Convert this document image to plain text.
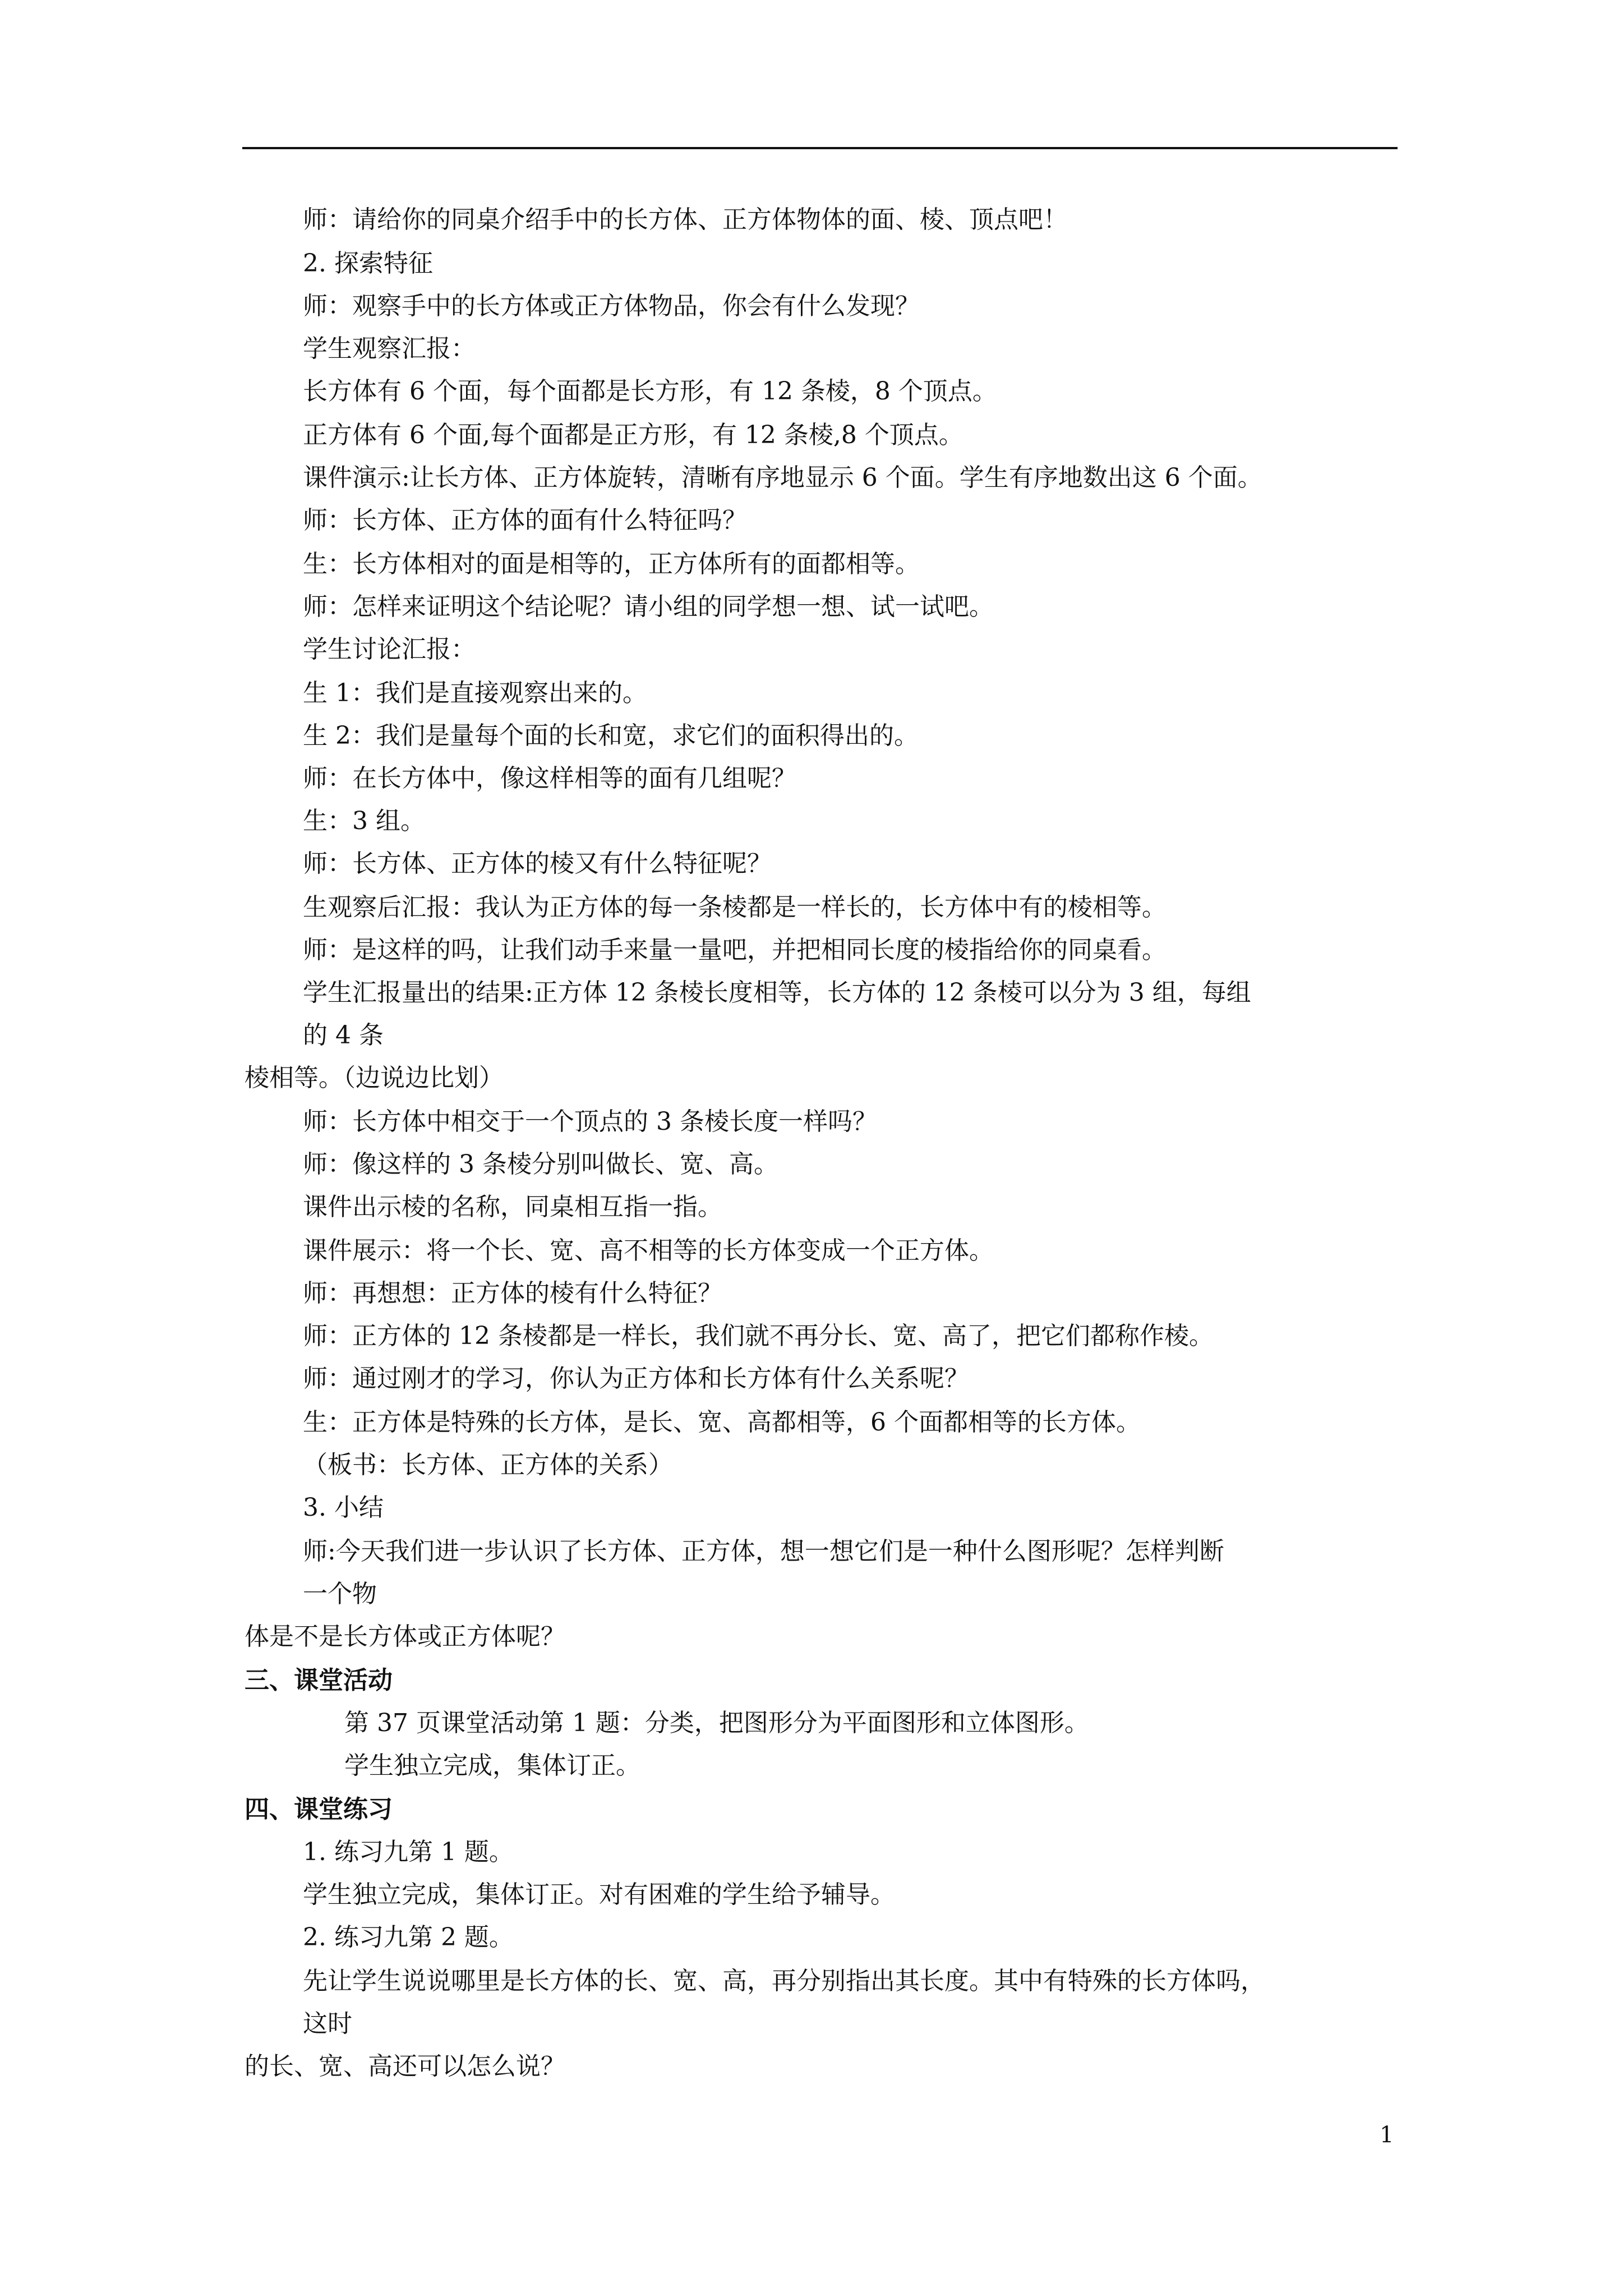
师：请给你的同桌介绍手中的长方体、正方体物体的面、棱、顶点吧！
2. 探索特征
师：观察手中的长方体或正方体物品，你会有什么发现？
学生观察汇报：
长方体有 6 个面，每个面都是长方形，有 12 条棱，8 个顶点。
正方体有 6 个面,每个面都是正方形，有 12 条棱,8 个顶点。
课件演示:让长方体、正方体旋转，清晰有序地显示 6 个面。学生有序地数出这 6 个面。
师：长方体、正方体的面有什么特征吗？
生：长方体相对的面是相等的，正方体所有的面都相等。
师：怎样来证明这个结论呢？请小组的同学想一想、试一试吧。
学生讨论汇报：
生 1：我们是直接观察出来的。
生 2：我们是量每个面的长和宽，求它们的面积得出的。
师：在长方体中，像这样相等的面有几组呢？
生：3 组。
师：长方体、正方体的棱又有什么特征呢？
生观察后汇报：我认为正方体的每一条棱都是一样长的，长方体中有的棱相等。
师：是这样的吗，让我们动手来量一量吧，并把相同长度的棱指给你的同桌看。
学生汇报量出的结果:正方体 12 条棱长度相等，长方体的 12 条棱可以分为 3 组，每组
的 4 条
棱相等。（边说边比划）
师：长方体中相交于一个顶点的 3 条棱长度一样吗？
师：像这样的 3 条棱分别叫做长、宽、高。
课件出示棱的名称，同桌相互指一指。
课件展示：将一个长、宽、高不相等的长方体变成一个正方体。
师：再想想：正方体的棱有什么特征？
师：正方体的 12 条棱都是一样长，我们就不再分长、宽、高了，把它们都称作棱。
师：通过刚才的学习，你认为正方体和长方体有什么关系呢？
生：正方体是特殊的长方体，是长、宽、高都相等，6 个面都相等的长方体。
（板书：长方体、正方体的关系）
3. 小结
师:今天我们进一步认识了长方体、正方体，想一想它们是一种什么图形呢？怎样判断
一个物
体是不是长方体或正方体呢？
三、课堂活动
第 37 页课堂活动第 1 题：分类，把图形分为平面图形和立体图形。
学生独立完成，集体订正。
四、课堂练习
1. 练习九第 1 题。
学生独立完成，集体订正。对有困难的学生给予辅导。
2. 练习九第 2 题。
先让学生说说哪里是长方体的长、宽、高，再分别指出其长度。其中有特殊的长方体吗，
这时
的长、宽、高还可以怎么说？
1
